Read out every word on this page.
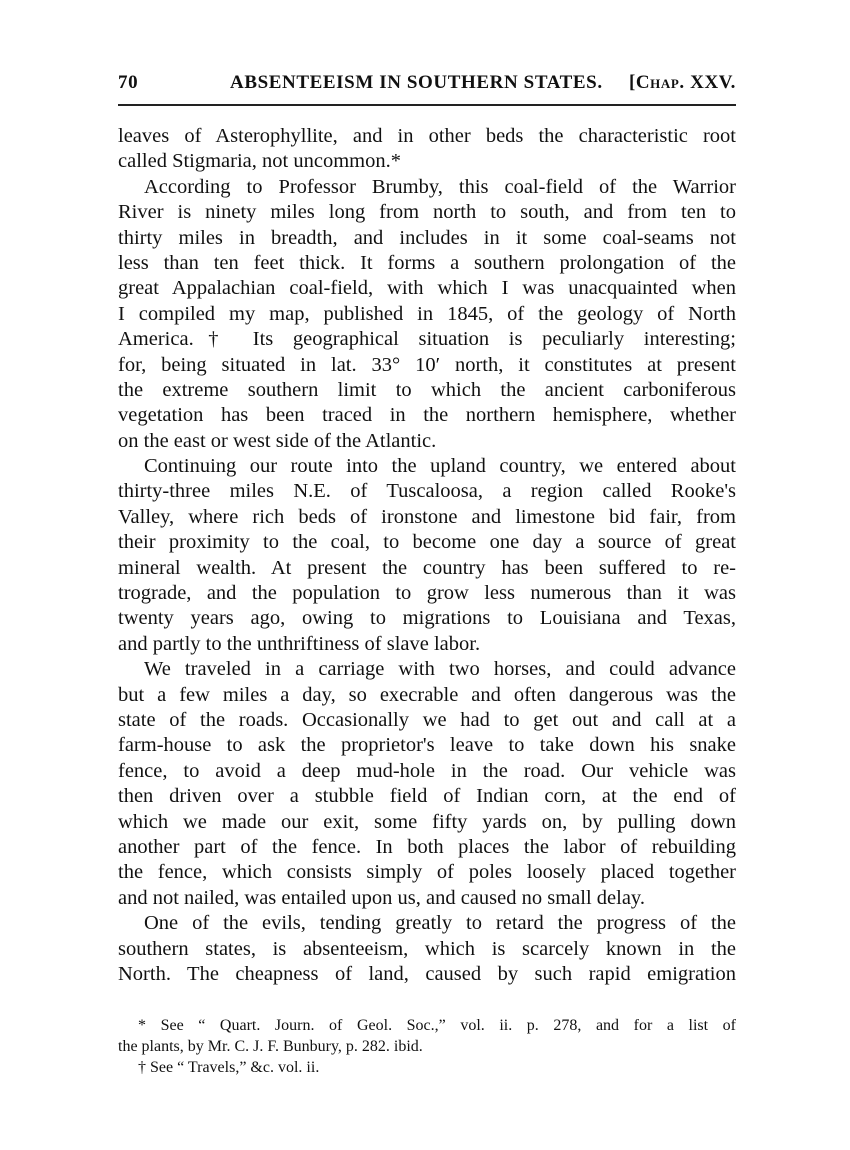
70	ABSENTEEISM IN SOUTHERN STATES. [Chap. XXV.
leaves of Asterophyllite, and in other beds the characteristic root
called Stigmaria, not uncommon.*
According to Professor Brumby, this coal-field of the Warrior
River is ninety miles long from north to south, and from ten to
thirty miles in breadth, and includes in it some coal-seams not
less than ten feet thick. It forms a southern prolongation of the
great Appalachian coal-field, with which I was unacquainted when
I compiled my map, published in 1845, of the geology of North
America.† Its geographical situation is peculiarly interesting;
for, being situated in lat. 33° 10′ north, it constitutes at present
the extreme southern limit to which the ancient carboniferous
vegetation has been traced in the northern hemisphere, whether
on the east or west side of the Atlantic.
Continuing our route into the upland country, we entered about
thirty-three miles N.E. of Tuscaloosa, a region called Rooke's
Valley, where rich beds of ironstone and limestone bid fair, from
their proximity to the coal, to become one day a source of great
mineral wealth. At present the country has been suffered to re-
trograde, and the population to grow less numerous than it was
twenty years ago, owing to migrations to Louisiana and Texas,
and partly to the unthriftiness of slave labor.
We traveled in a carriage with two horses, and could advance
but a few miles a day, so execrable and often dangerous was the
state of the roads. Occasionally we had to get out and call at a
farm-house to ask the proprietor's leave to take down his snake
fence, to avoid a deep mud-hole in the road. Our vehicle was
then driven over a stubble field of Indian corn, at the end of
which we made our exit, some fifty yards on, by pulling down
another part of the fence. In both places the labor of rebuilding
the fence, which consists simply of poles loosely placed together
and not nailed, was entailed upon us, and caused no small delay.
One of the evils, tending greatly to retard the progress of the
southern states, is absenteeism, which is scarcely known in the
North. The cheapness of land, caused by such rapid emigration
* See “ Quart. Journ. of Geol. Soc.,” vol. ii. p. 278, and for a list of
the plants, by Mr. C. J. F. Bunbury, p. 282. ibid.
† See “ Travels,” &c. vol. ii.
